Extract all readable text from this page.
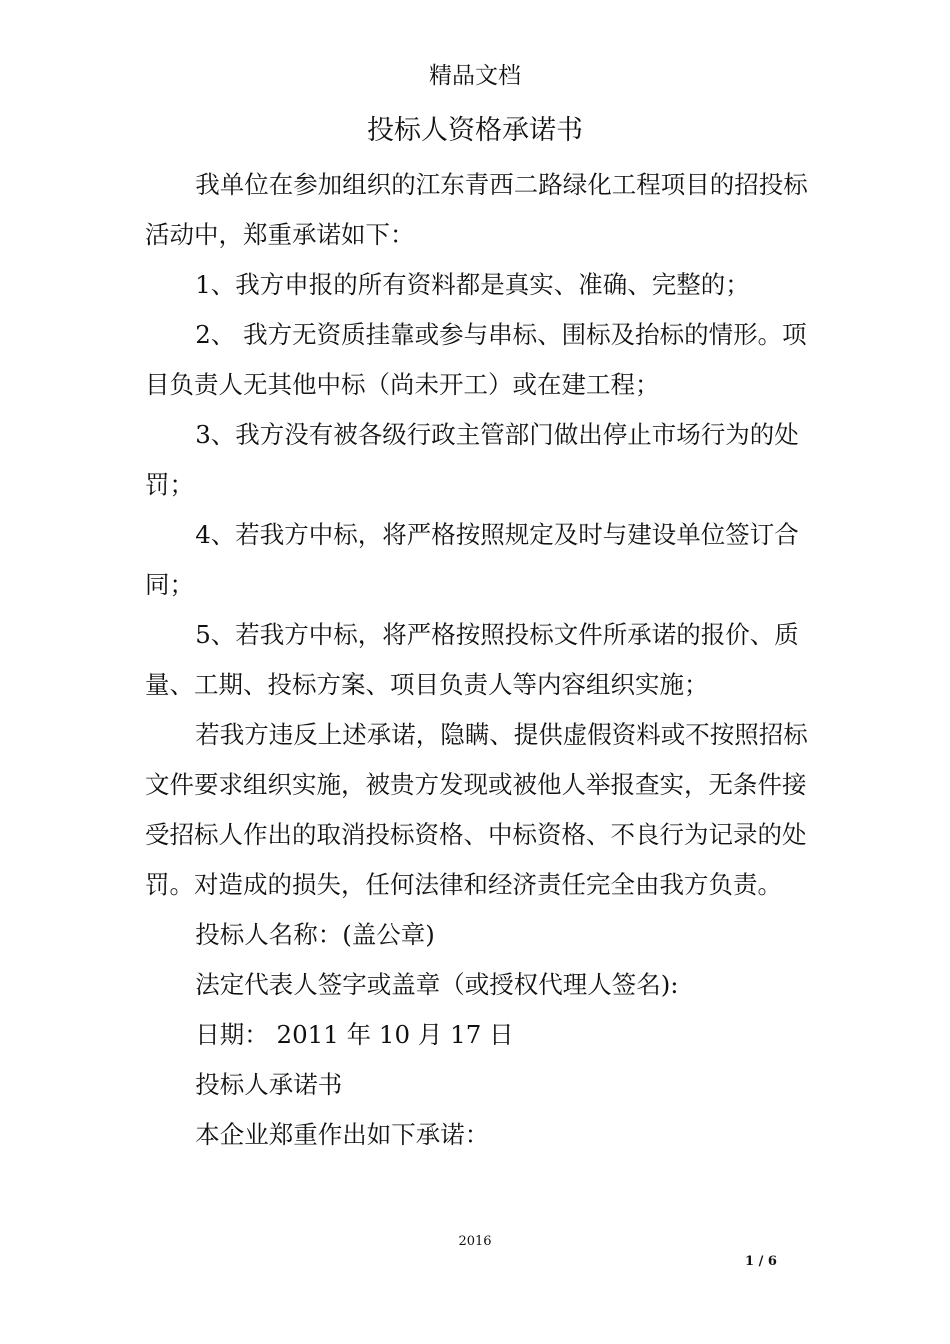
精品文档
投标人资格承诺书

我单位在参加组织的江东青西二路绿化工程项目的招投标活动中，郑重承诺如下：

1、我方申报的所有资料都是真实、准确、完整的；

2、 我方无资质挂靠或参与串标、围标及抬标的情形。项目负责人无其他中标（尚未开工）或在建工程；

3、我方没有被各级行政主管部门做出停止市场行为的处罚；

4、若我方中标，将严格按照规定及时与建设单位签订合同；

5、若我方中标，将严格按照投标文件所承诺的报价、质量、工期、投标方案、项目负责人等内容组织实施；

若我方违反上述承诺，隐瞒、提供虚假资料或不按照招标文件要求组织实施，被贵方发现或被他人举报查实，无条件接受招标人作出的取消投标资格、中标资格、不良行为记录的处罚。对造成的损失，任何法律和经济责任完全由我方负责。

投标人名称：(盖公章)

法定代表人签字或盖章（或授权代理人签名):

日期： 2011 年 10 月 17 日

投标人承诺书

本企业郑重作出如下承诺：

2016
1 / 6
